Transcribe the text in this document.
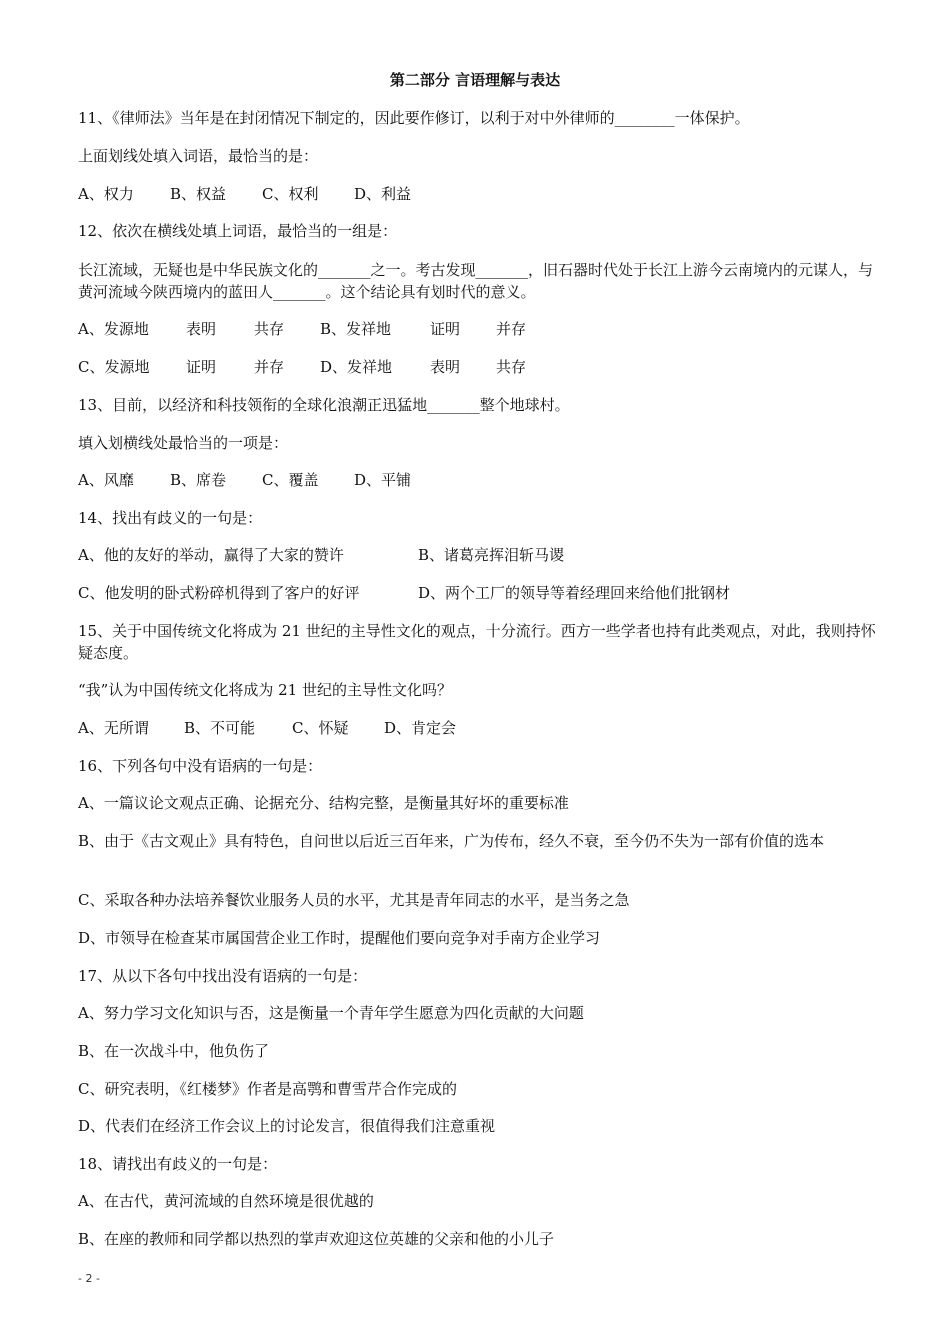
第二部分 言语理解与表达
11、《律师法》当年是在封闭情况下制定的，因此要作修订，以利于对中外律师的________一体保护。
上面划线处填入词语，最恰当的是：
A、权力 B、权益 C、权利 D、利益
12、依次在横线处填上词语，最恰当的一组是：
长江流域，无疑也是中华民族文化的_______之一。考古发现_______，旧石器时代处于长江上游今云南境内的元谋人，与黄河流域今陕西境内的蓝田人_______。这个结论具有划时代的意义。
A、发源地 表明	共存 B、发祥地	证明 并存
C、发源地 证明	并存 D、发祥地	表明 共存
13、目前，以经济和科技领衔的全球化浪潮正迅猛地_______整个地球村。
填入划横线处最恰当的一项是：
A、风靡 B、席卷 C、覆盖 D、平铺
14、找出有歧义的一句是：
A、他的友好的举动，赢得了大家的赞许	B、诸葛亮挥泪斩马谡
C、他发明的卧式粉碎机得到了客户的好评	D、两个工厂的领导等着经理回来给他们批钢材
15、关于中国传统文化将成为 21 世纪的主导性文化的观点，十分流行。西方一些学者也持有此类观点，对此，我则持怀疑态度。
“我”认为中国传统文化将成为 21 世纪的主导性文化吗？
A、无所谓 B、不可能 C、怀疑 D、肯定会
16、下列各句中没有语病的一句是：
A、一篇议论文观点正确、论据充分、结构完整，是衡量其好坏的重要标准
B、由于《古文观止》具有特色，自问世以后近三百年来，广为传布，经久不衰，至今仍不失为一部有价值的选本
C、采取各种办法培养餐饮业服务人员的水平，尤其是青年同志的水平，是当务之急
D、市领导在检查某市属国营企业工作时，提醒他们要向竞争对手南方企业学习
17、从以下各句中找出没有语病的一句是：
A、努力学习文化知识与否，这是衡量一个青年学生愿意为四化贡献的大问题
B、在一次战斗中，他负伤了
C、研究表明，《红楼梦》作者是高鹗和曹雪芹合作完成的
D、代表们在经济工作会议上的讨论发言，很值得我们注意重视
18、请找出有歧义的一句是：
A、在古代，黄河流域的自然环境是很优越的
B、在座的教师和同学都以热烈的掌声欢迎这位英雄的父亲和他的小儿子
- 2 -
